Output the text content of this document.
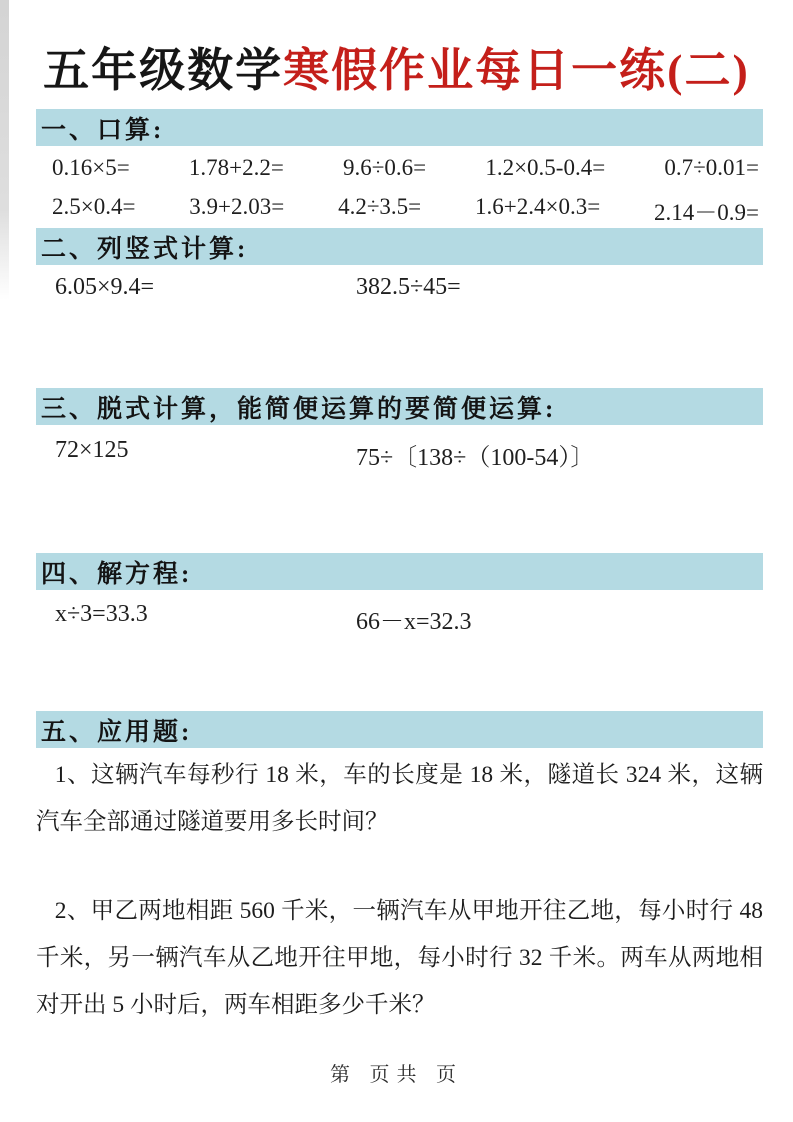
五年级数学寒假作业每日一练(二)
一、口算:
0.16×5=	1.78+2.2=	9.6÷0.6=	1.2×0.5-0.4=	0.7÷0.01=
2.5×0.4=	3.9+2.03=	4.2÷3.5=	1.6+2.4×0.3=	2.14－0.9=
二、列竖式计算:
6.05×9.4=	382.5÷45=
三、脱式计算，能简便运算的要简便运算:
72×125	75÷〔138÷（100-54）〕
四、解方程:
x÷3=33.3	66－x=32.3
五、应用题:
1、这辆汽车每秒行 18 米，车的长度是 18 米，隧道长 324 米，这辆汽车全部通过隧道要用多长时间？
2、甲乙两地相距 560 千米，一辆汽车从甲地开往乙地，每小时行 48 千米，另一辆汽车从乙地开往甲地，每小时行 32 千米。两车从两地相对开出 5 小时后，两车相距多少千米？
第 页共 页
